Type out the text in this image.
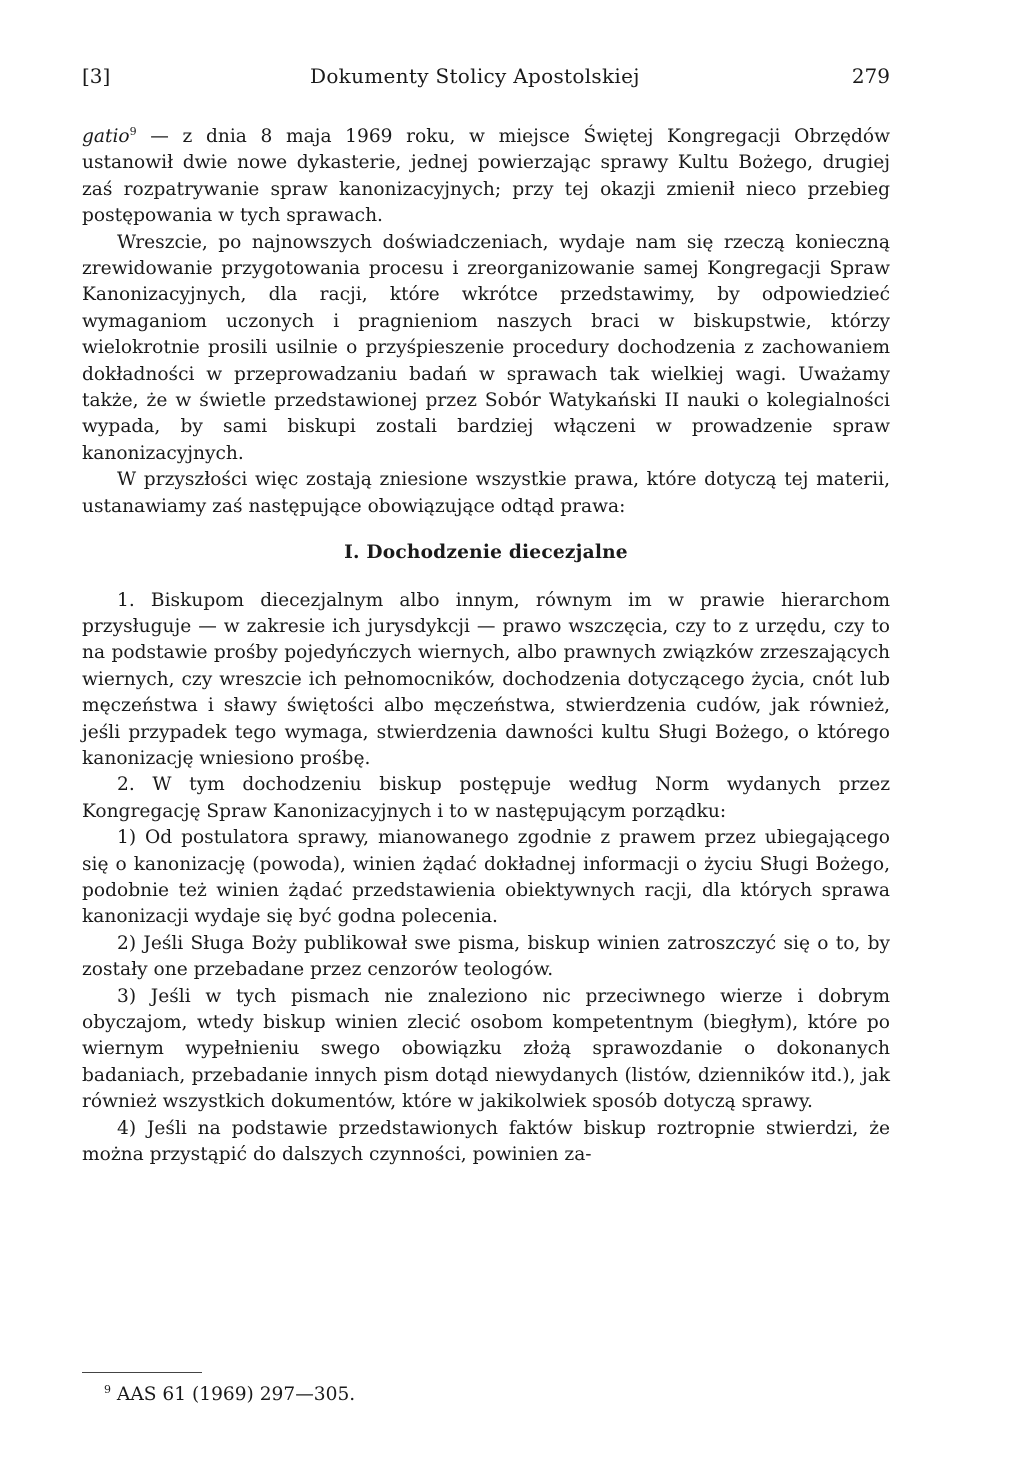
[3]	Dokumenty Stolicy Apostolskiej	279

gatio$^9$ — z dnia 8 maja 1969 roku, w miejsce Świętej Kongregacji Obrzędów ustanowił dwie nowe dykasterie, jednej powierzając sprawy Kultu Bożego, drugiej zaś rozpatrywanie spraw kanonizacyjnych; przy tej okazji zmienił nieco przebieg postępowania w tych sprawach.

Wreszcie, po najnowszych doświadczeniach, wydaje nam się rzeczą konieczną zrewidowanie przygotowania procesu i zreorganizowanie samej Kongregacji Spraw Kanonizacyjnych, dla racji, które wkrótce przedstawimy, by odpowiedzieć wymaganiom uczonych i pragnieniom naszych braci w biskupstwie, którzy wielokrotnie prosili usilnie o przyśpieszenie procedury dochodzenia z zachowaniem dokładności w przeprowadzaniu badań w sprawach tak wielkiej wagi. Uważamy także, że w świetle przedstawionej przez Sobór Watykański II nauki o kolegialności wypada, by sami biskupi zostali bardziej włączeni w prowadzenie spraw kanonizacyjnych.

W przyszłości więc zostają zniesione wszystkie prawa, które dotyczą tej materii, ustanawiamy zaś następujące obowiązujące odtąd prawa:

I. Dochodzenie diecezjalne

1. Biskupom diecezjalnym albo innym, równym im w prawie hierarchom przysługuje — w zakresie ich jurysdykcji — prawo wszczęcia, czy to z urzędu, czy to na podstawie prośby pojedyńczych wiernych, albo prawnych związków zrzeszających wiernych, czy wreszcie ich pełnomocników, dochodzenia dotyczącego życia, cnót lub męczeństwa i sławy świętości albo męczeństwa, stwierdzenia cudów, jak również, jeśli przypadek tego wymaga, stwierdzenia dawności kultu Sługi Bożego, o którego kanonizację wniesiono prośbę.

2. W tym dochodzeniu biskup postępuje według Norm wydanych przez Kongregację Spraw Kanonizacyjnych i to w następującym porządku:

1) Od postulatora sprawy, mianowanego zgodnie z prawem przez ubiegającego się o kanonizację (powoda), winien żądać dokładnej informacji o życiu Sługi Bożego, podobnie też winien żądać przedstawienia obiektywnych racji, dla których sprawa kanonizacji wydaje się być godna polecenia.

2) Jeśli Sługa Boży publikował swe pisma, biskup winien zatroszczyć się o to, by zostały one przebadane przez cenzorów teologów.

3) Jeśli w tych pismach nie znaleziono nic przeciwnego wierze i dobrym obyczajom, wtedy biskup winien zlecić osobom kompetentnym (biegłym), które po wiernym wypełnieniu swego obowiązku złożą sprawozdanie o dokonanych badaniach, przebadanie innych pism dotąd niewydanych (listów, dzienników itd.), jak również wszystkich dokumentów, które w jakikolwiek sposób dotyczą sprawy.

4) Jeśli na podstawie przedstawionych faktów biskup roztropnie stwierdzi, że można przystąpić do dalszych czynności, powinien za-

$^9$ AAS 61 (1969) 297—305.
